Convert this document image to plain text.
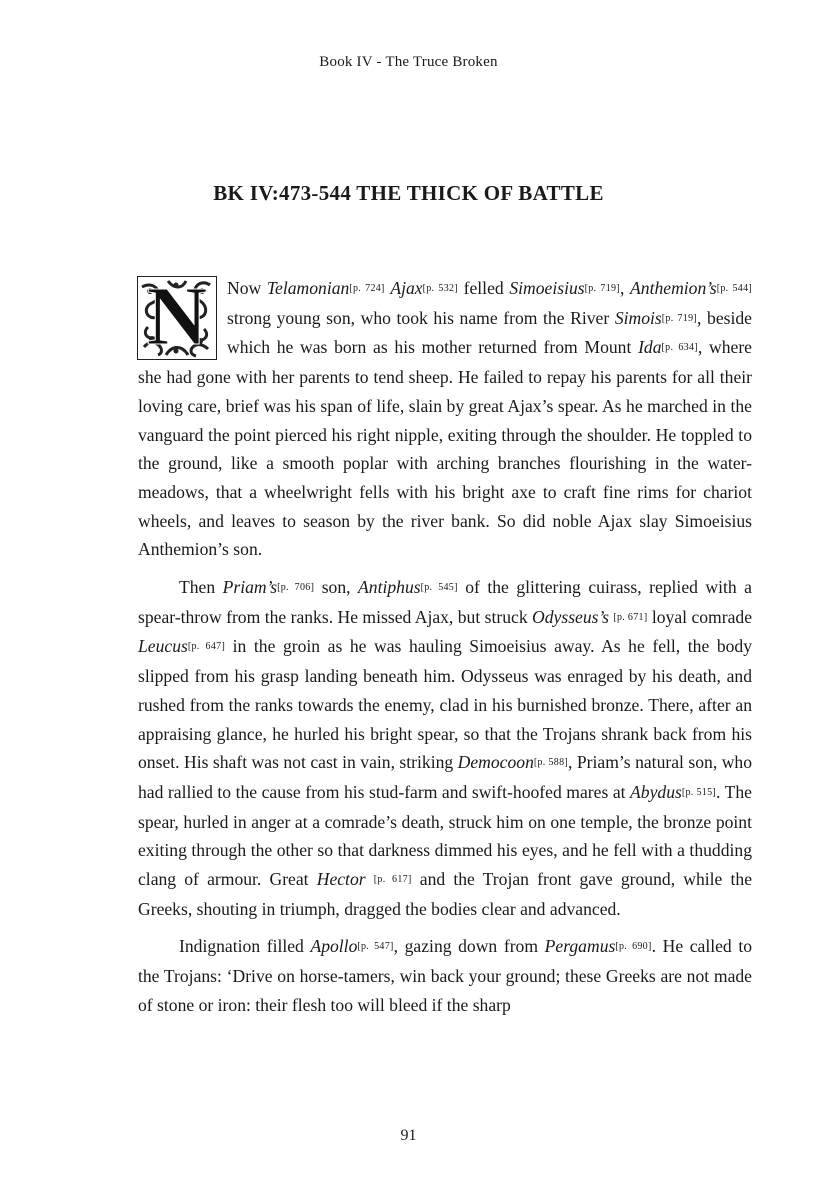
Book IV - The Truce Broken
BK IV:473-544 THE THICK OF BATTLE

N	Now Telamonian[p. 724] Ajax[p. 532] felled Simoeisius[p. 719], Anthemion’s[p. 544] strong young son, who took his name from the River Simois[p. 719], beside which he was born as his mother returned from Mount Ida[p. 634], where she had gone with her parents to tend sheep. He failed to repay his parents for all their loving care, brief was his span of life, slain by great Ajax’s spear. As he marched in the vanguard the point pierced his right nipple, exiting through the shoulder. He toppled to the ground, like a smooth poplar with arching branches flourishing in the water-meadows, that a wheelwright fells with his bright axe to craft fine rims for chariot wheels, and leaves to season by the river bank. So did noble Ajax slay Simoeisius Anthemion’s son.

Then Priam’s[p. 706] son, Antiphus[p. 545] of the glittering cuirass, replied with a spear-throw from the ranks. He missed Ajax, but struck Odysseus’s [p. 671] loyal comrade Leucus[p. 647] in the groin as he was hauling Simoeisius away. As he fell, the body slipped from his grasp landing beneath him. Odysseus was enraged by his death, and rushed from the ranks towards the enemy, clad in his burnished bronze. There, after an appraising glance, he hurled his bright spear, so that the Trojans shrank back from his onset. His shaft was not cast in vain, striking Democoon[p. 588], Priam’s natural son, who had rallied to the cause from his stud-farm and swift-hoofed mares at Abydus[p. 515]. The spear, hurled in anger at a comrade’s death, struck him on one temple, the bronze point exiting through the other so that darkness dimmed his eyes, and he fell with a thudding clang of armour. Great Hector [p. 617] and the Trojan front gave ground, while the Greeks, shouting in triumph, dragged the bodies clear and advanced.

Indignation filled Apollo[p. 547], gazing down from Pergamus[p. 690]. He called to the Trojans: ‘Drive on horse-tamers, win back your ground; these Greeks are not made of stone or iron: their flesh too will bleed if the sharp

91
